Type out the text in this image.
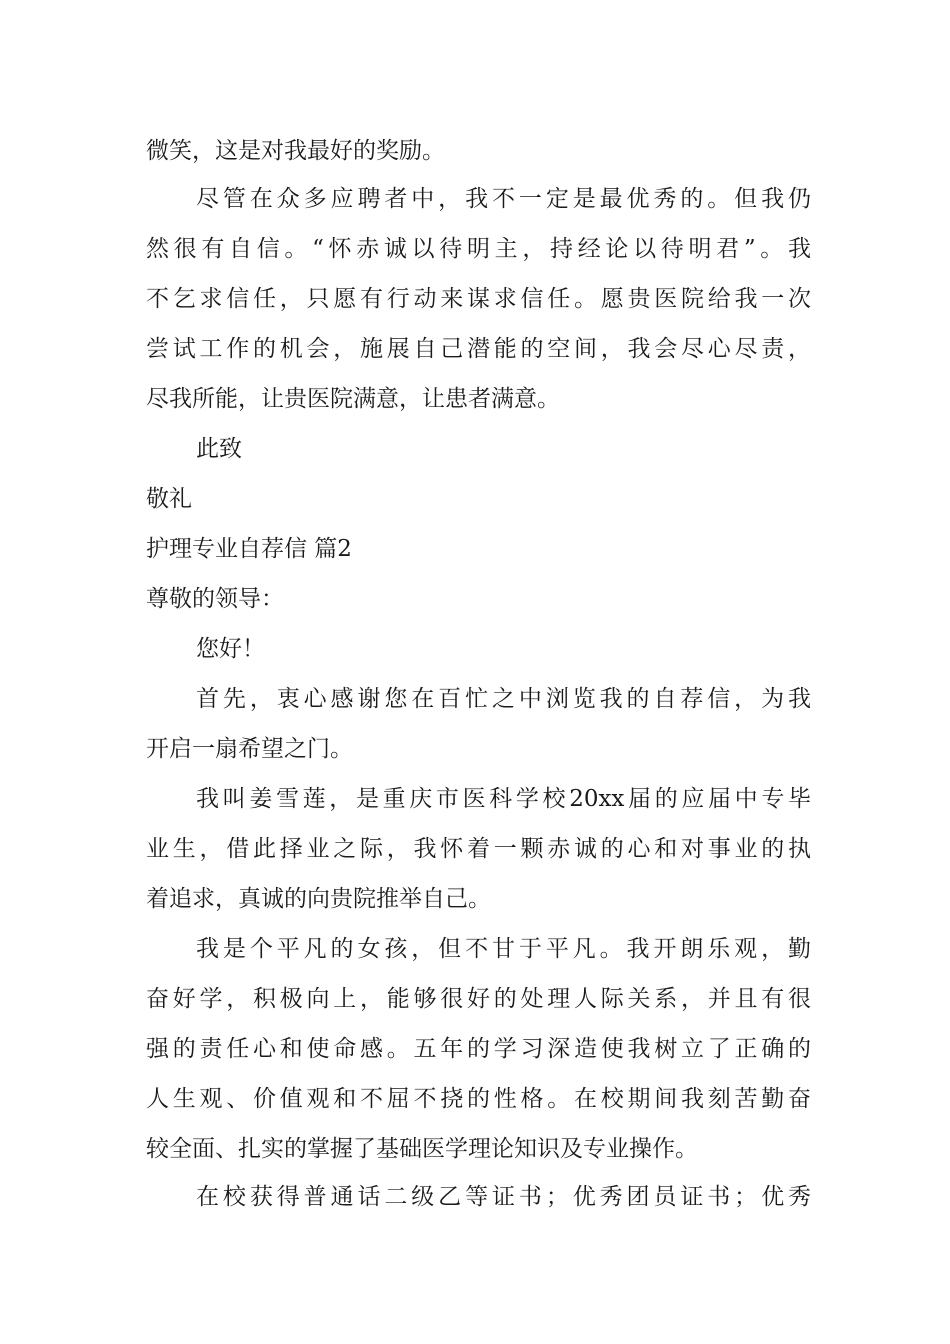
微笑，这是对我最好的奖励。
尽管在众多应聘者中，我不一定是最优秀的。但我仍
然很有自信。“怀赤诚以待明主，持经论以待明君”。我
不乞求信任，只愿有行动来谋求信任。愿贵医院给我一次
尝试工作的机会，施展自己潜能的空间，我会尽心尽责，
尽我所能，让贵医院满意，让患者满意。
此致
敬礼
护理专业自荐信 篇2
尊敬的领导：
您好！
首先，衷心感谢您在百忙之中浏览我的自荐信，为我
开启一扇希望之门。
我叫姜雪莲，是重庆市医科学校20xx届的应届中专毕
业生，借此择业之际，我怀着一颗赤诚的心和对事业的执
着追求，真诚的向贵院推举自己。
我是个平凡的女孩，但不甘于平凡。我开朗乐观，勤
奋好学，积极向上，能够很好的处理人际关系，并且有很
强的责任心和使命感。五年的学习深造使我树立了正确的
人生观、价值观和不屈不挠的性格。在校期间我刻苦勤奋
较全面、扎实的掌握了基础医学理论知识及专业操作。
在校获得普通话二级乙等证书；优秀团员证书；优秀
